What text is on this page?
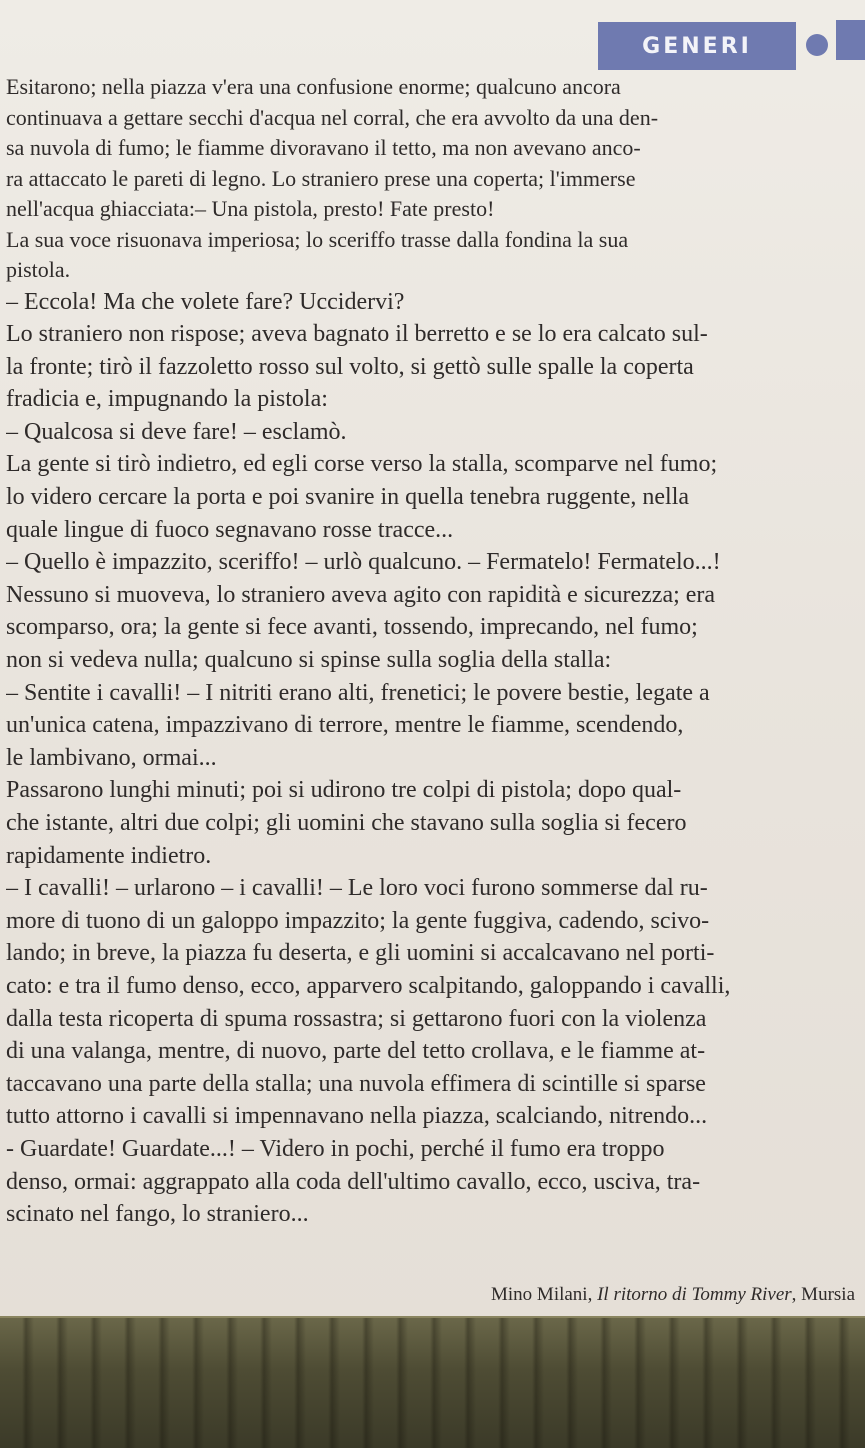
GENERI
Esitarono; nella piazza v'era una confusione enorme; qualcuno ancora
continuava a gettare secchi d'acqua nel corral, che era avvolto da una den-
sa nuvola di fumo; le fiamme divoravano il tetto, ma non avevano anco-
ra attaccato le pareti di legno. Lo straniero prese una coperta; l'immerse
nell'acqua ghiacciata:– Una pistola, presto! Fate presto!
La sua voce risuonava imperiosa; lo sceriffo trasse dalla fondina la sua
pistola.
– Eccola! Ma che volete fare? Uccidervi?
Lo straniero non rispose; aveva bagnato il berretto e se lo era calcato sul-
la fronte; tirò il fazzoletto rosso sul volto, si gettò sulle spalle la coperta
fradicia e, impugnando la pistola:
– Qualcosa si deve fare! – esclamò.
La gente si tirò indietro, ed egli corse verso la stalla, scomparve nel fumo;
lo videro cercare la porta e poi svanire in quella tenebra ruggente, nella
quale lingue di fuoco segnavano rosse tracce...
– Quello è impazzito, sceriffo! – urlò qualcuno. – Fermatelo! Fermatelo...!
Nessuno si muoveva, lo straniero aveva agito con rapidità e sicurezza; era
scomparso, ora; la gente si fece avanti, tossendo, imprecando, nel fumo;
non si vedeva nulla; qualcuno si spinse sulla soglia della stalla:
– Sentite i cavalli! – I nitriti erano alti, frenetici; le povere bestie, legate a
un'unica catena, impazzivano di terrore, mentre le fiamme, scendendo,
le lambivano, ormai...
Passarono lunghi minuti; poi si udirono tre colpi di pistola; dopo qual-
che istante, altri due colpi; gli uomini che stavano sulla soglia si fecero
rapidamente indietro.
– I cavalli! – urlarono – i cavalli! – Le loro voci furono sommerse dal ru-
more di tuono di un galoppo impazzito; la gente fuggiva, cadendo, scivo-
lando; in breve, la piazza fu deserta, e gli uomini si accalcavano nel porti-
cato: e tra il fumo denso, ecco, apparvero scalpitando, galoppando i cavalli,
dalla testa ricoperta di spuma rossastra; si gettarono fuori con la violenza
di una valanga, mentre, di nuovo, parte del tetto crollava, e le fiamme at-
taccavano una parte della stalla; una nuvola effimera di scintille si sparse
tutto attorno i cavalli si impennavano nella piazza, scalciando, nitrendo...
- Guardate! Guardate...! – Videro in pochi, perché il fumo era troppo
denso, ormai: aggrappato alla coda dell'ultimo cavallo, ecco, usciva, tra-
scinato nel fango, lo straniero...
Mino Milani, Il ritorno di Tommy River, Mursia
